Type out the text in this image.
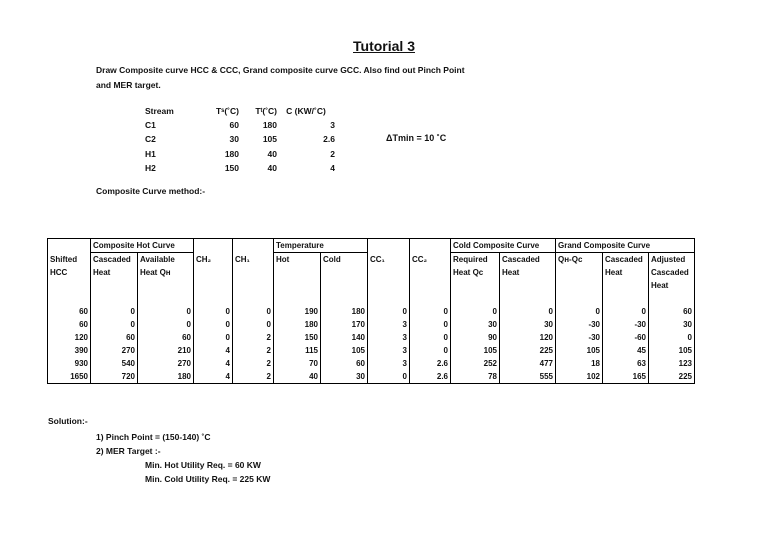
Tutorial 3
Draw Composite curve HCC & CCC, Grand composite curve GCC. Also find out Pinch Point
and MER target.
Stream	Tˢ(˚C)	Tᵗ(˚C)	C (KW/˚C)
C1	60	180	3
C2	30	105	2.6
H1	180	40	2
H2	150	40	4
ΔTmin = 10 ˚C
Composite Curve method:-
	Composite Hot Curve				Temperature				Cold Composite Curve		Grand Composite Curve		
Shifted	Cascaded	Available	CH₂	CH₁	Hot	Cold	CC₁	CC₂	Required	Cascaded	Qн-Qc	Cascaded	Adjusted
HCC	Heat	Heat Qн							Heat Qc	Heat		Heat	Cascaded
													Heat

60	0	0	0	0	190	180	0	0	0	0	0	0	60
60	0	0	0	0	180	170	3	0	30	30	-30	-30	30
120	60	60	0	2	150	140	3	0	90	120	-30	-60	0
390	270	210	4	2	115	105	3	0	105	225	105	45	105
930	540	270	4	2	70	60	3	2.6	252	477	18	63	123
1650	720	180	4	2	40	30	0	2.6	78	555	102	165	225
Solution:-
1) Pinch Point = (150-140) ˚C
2) MER Target :-
Min. Hot Utility Req. = 60 KW
Min. Cold Utility Req. = 225 KW
